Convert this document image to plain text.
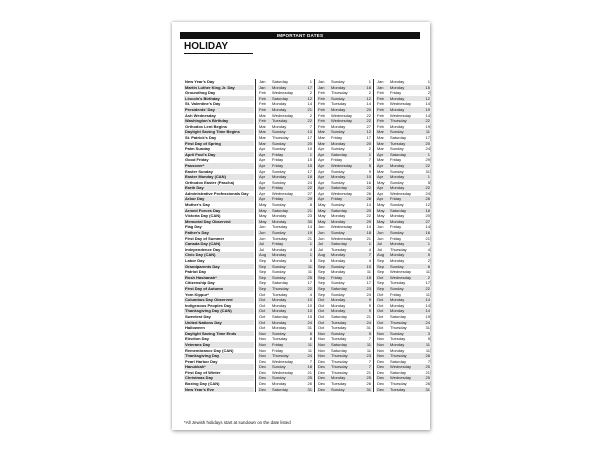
IMPORTANT DATES
HOLIDAY
New Year's Day		Jan	Saturday	1		Jan	Sunday	1		Jan	Monday	1
Martin Luther King Jr. Day		Jan	Monday	17		Jan	Monday	16		Jan	Monday	15
Groundhog Day		Feb	Wednesday	2		Feb	Thursday	2		Feb	Friday	2
Lincoln's Birthday		Feb	Saturday	12		Feb	Sunday	12		Feb	Monday	12
St. Valentine's Day		Feb	Monday	14		Feb	Tuesday	14		Feb	Wednesday	14
Presidents' Day		Feb	Monday	21		Feb	Monday	20		Feb	Monday	19
Ash Wednesday		Mar	Wednesday	2		Feb	Wednesday	22		Feb	Wednesday	14
Washington's Birthday		Feb	Tuesday	22		Feb	Wednesday	22		Feb	Thursday	22
Orthodox Lent Begins		Mar	Monday	7		Feb	Monday	27		Feb	Monday	19
Daylight Saving Time Begins		Mar	Sunday	13		Mar	Sunday	12		Mar	Sunday	11
St. Patrick's Day		Mar	Thursday	17		Mar	Friday	17		Mar	Saturday	17
First Day of Spring		Mar	Sunday	20		Mar	Monday	20		Mar	Tuesday	20
Palm Sunday		Apr	Sunday	10		Apr	Sunday	2		Mar	Sunday	24
April Fool's Day		Apr	Friday	1		Apr	Saturday	1		Apr	Saturday	1
Good Friday		Apr	Friday	15		Apr	Friday	7		Mar	Friday	29
Passover*		Apr	Friday	15		Apr	Wednesday	5		Apr	Monday	22
Easter Sunday		Apr	Sunday	17		Apr	Sunday	9		Mar	Sunday	31
Easter Monday (CAN)		Apr	Monday	18		Apr	Monday	10		Apr	Monday	1
Orthodox Easter (Pascha)		Apr	Sunday	24		Apr	Sunday	16		May	Sunday	5
Earth Day		Apr	Friday	22		Apr	Saturday	22		Apr	Monday	22
Administrative Professionals Day		Apr	Wednesday	27		Apr	Wednesday	26		Apr	Wednesday	24
Arbor Day		Apr	Friday	29		Apr	Friday	28		Apr	Friday	26
Mother's Day		May	Sunday	8		May	Sunday	14		May	Sunday	12
Armed Forces Day		May	Saturday	21		May	Saturday	20		May	Saturday	18
Victoria Day (CAN)		May	Monday	23		May	Monday	22		May	Monday	20
Memorial Day Observed		May	Monday	30		May	Monday	29		May	Monday	27
Flag Day		Jun	Tuesday	14		Jun	Wednesday	14		Jun	Friday	14
Father's Day		Jun	Sunday	19		Jun	Sunday	18		Jun	Sunday	16
First Day of Summer		Jun	Tuesday	21		Jun	Wednesday	21		Jun	Friday	21
Canada Day (CAN)		Jul	Friday	1		Jul	Saturday	1		Jul	Monday	1
Independence Day		Jul	Monday	4		Jul	Tuesday	4		Jul	Thursday	4
Civic Day (CAN)		Aug	Monday	1		Aug	Monday	7		Aug	Monday	5
Labor Day		Sep	Monday	5		Sep	Monday	4		Sep	Monday	2
Grandparents Day		Sep	Sunday	11		Sep	Sunday	10		Sep	Sunday	8
Patriot Day		Sep	Sunday	11		Sep	Monday	11		Sep	Wednesday	11
Rosh Hashanah*		Sep	Sunday	25		Sep	Friday	15		Oct	Wednesday	2
Citizenship Day		Sep	Saturday	17		Sep	Sunday	17		Sep	Tuesday	17
First Day of Autumn		Sep	Thursday	22		Sep	Saturday	23		Sep	Sunday	22
Yom Kippur*		Oct	Tuesday	4		Sep	Sunday	24		Oct	Friday	11
Columbus Day Observed		Oct	Monday	10		Oct	Monday	9		Oct	Monday	14
Indigenous Peoples Day		Oct	Monday	10		Oct	Monday	9		Oct	Monday	14
Thanksgiving Day (CAN)		Oct	Monday	10		Oct	Monday	9		Oct	Monday	14
Sweetest Day		Oct	Saturday	15		Oct	Saturday	21		Oct	Saturday	19
United Nations Day		Oct	Monday	24		Oct	Tuesday	24		Oct	Thursday	24
Halloween		Oct	Monday	31		Oct	Tuesday	31		Oct	Thursday	31
Daylight Saving Time Ends		Nov	Sunday	6		Nov	Sunday	5		Nov	Sunday	3
Election Day		Nov	Tuesday	8		Nov	Tuesday	7		Nov	Tuesday	5
Veterans Day		Nov	Friday	11		Nov	Saturday	11		Nov	Monday	11
Remembrance Day (CAN)		Nov	Friday	11		Nov	Saturday	11		Nov	Monday	11
Thanksgiving Day		Nov	Thursday	24		Nov	Thursday	23		Nov	Thursday	28
Pearl Harbor Day		Dec	Wednesday	7		Dec	Thursday	7		Dec	Saturday	7
Hanukkah*		Dec	Sunday	18		Dec	Thursday	7		Dec	Wednesday	25
First Day of Winter		Dec	Wednesday	21		Dec	Thursday	21		Dec	Saturday	21
Christmas Day		Dec	Sunday	25		Dec	Monday	25		Dec	Wednesday	25
Boxing Day (CAN)		Dec	Monday	26		Dec	Tuesday	26		Dec	Thursday	26
New Year's Eve		Dec	Saturday	31		Dec	Sunday	31		Dec	Tuesday	31

*All Jewish holidays start at sundown on the date listed
